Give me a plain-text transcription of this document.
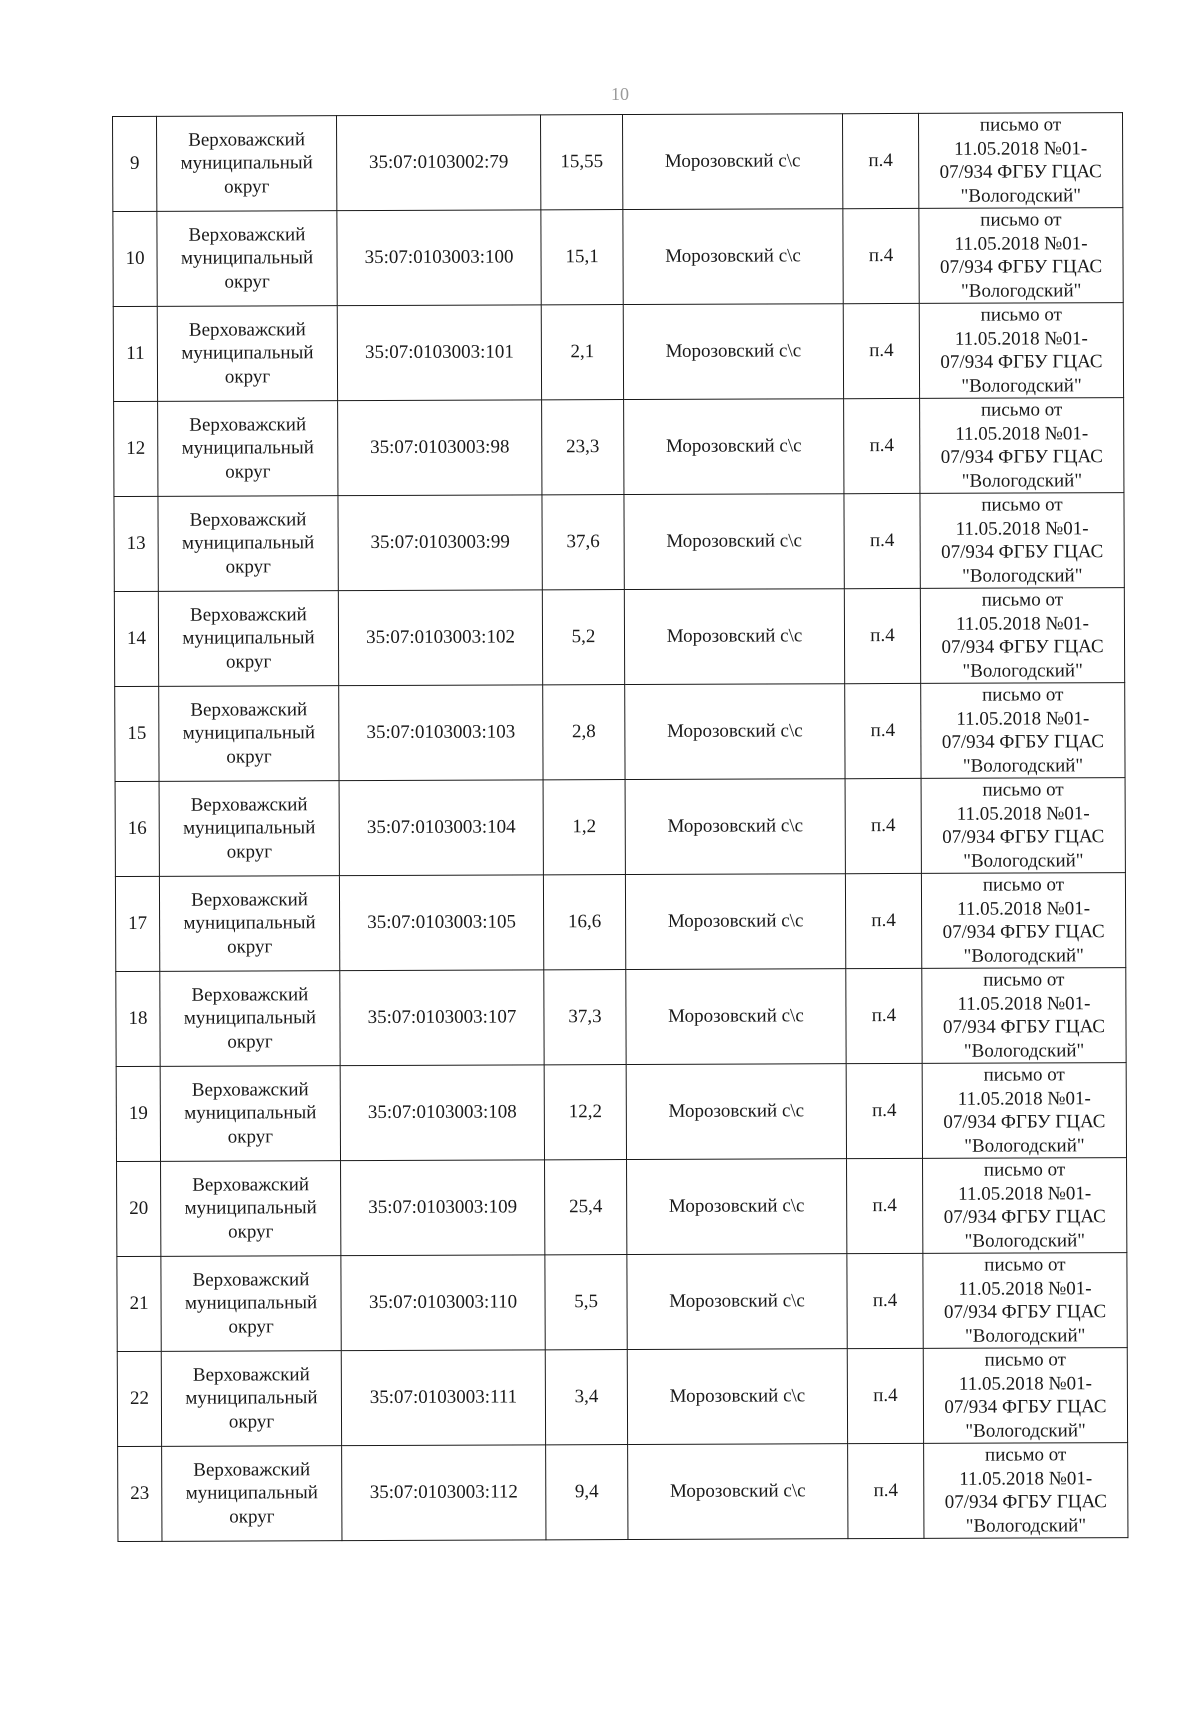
10
9	Верховажский
муниципальный
округ	35:07:0103002:79	15,55	Морозовский с\с	п.4	письмо от
11.05.2018 №01-
07/934 ФГБУ ГЦАС
"Вологодский"

10	Верховажский
муниципальный
округ	35:07:0103003:100	15,1	Морозовский с\с	п.4	письмо от
11.05.2018 №01-
07/934 ФГБУ ГЦАС
"Вологодский"

11	Верховажский
муниципальный
округ	35:07:0103003:101	2,1	Морозовский с\с	п.4	письмо от
11.05.2018 №01-
07/934 ФГБУ ГЦАС
"Вологодский"

12	Верховажский
муниципальный
округ	35:07:0103003:98	23,3	Морозовский с\с	п.4	письмо от
11.05.2018 №01-
07/934 ФГБУ ГЦАС
"Вологодский"

13	Верховажский
муниципальный
округ	35:07:0103003:99	37,6	Морозовский с\с	п.4	письмо от
11.05.2018 №01-
07/934 ФГБУ ГЦАС
"Вологодский"

14	Верховажский
муниципальный
округ	35:07:0103003:102	5,2	Морозовский с\с	п.4	письмо от
11.05.2018 №01-
07/934 ФГБУ ГЦАС
"Вологодский"

15	Верховажский
муниципальный
округ	35:07:0103003:103	2,8	Морозовский с\с	п.4	письмо от
11.05.2018 №01-
07/934 ФГБУ ГЦАС
"Вологодский"

16	Верховажский
муниципальный
округ	35:07:0103003:104	1,2	Морозовский с\с	п.4	письмо от
11.05.2018 №01-
07/934 ФГБУ ГЦАС
"Вологодский"

17	Верховажский
муниципальный
округ	35:07:0103003:105	16,6	Морозовский с\с	п.4	письмо от
11.05.2018 №01-
07/934 ФГБУ ГЦАС
"Вологодский"

18	Верховажский
муниципальный
округ	35:07:0103003:107	37,3	Морозовский с\с	п.4	письмо от
11.05.2018 №01-
07/934 ФГБУ ГЦАС
"Вологодский"

19	Верховажский
муниципальный
округ	35:07:0103003:108	12,2	Морозовский с\с	п.4	письмо от
11.05.2018 №01-
07/934 ФГБУ ГЦАС
"Вологодский"

20	Верховажский
муниципальный
округ	35:07:0103003:109	25,4	Морозовский с\с	п.4	письмо от
11.05.2018 №01-
07/934 ФГБУ ГЦАС
"Вологодский"

21	Верховажский
муниципальный
округ	35:07:0103003:110	5,5	Морозовский с\с	п.4	письмо от
11.05.2018 №01-
07/934 ФГБУ ГЦАС
"Вологодский"

22	Верховажский
муниципальный
округ	35:07:0103003:111	3,4	Морозовский с\с	п.4	письмо от
11.05.2018 №01-
07/934 ФГБУ ГЦАС
"Вологодский"

23	Верховажский
муниципальный
округ	35:07:0103003:112	9,4	Морозовский с\с	п.4	письмо от
11.05.2018 №01-
07/934 ФГБУ ГЦАС
"Вологодский"
